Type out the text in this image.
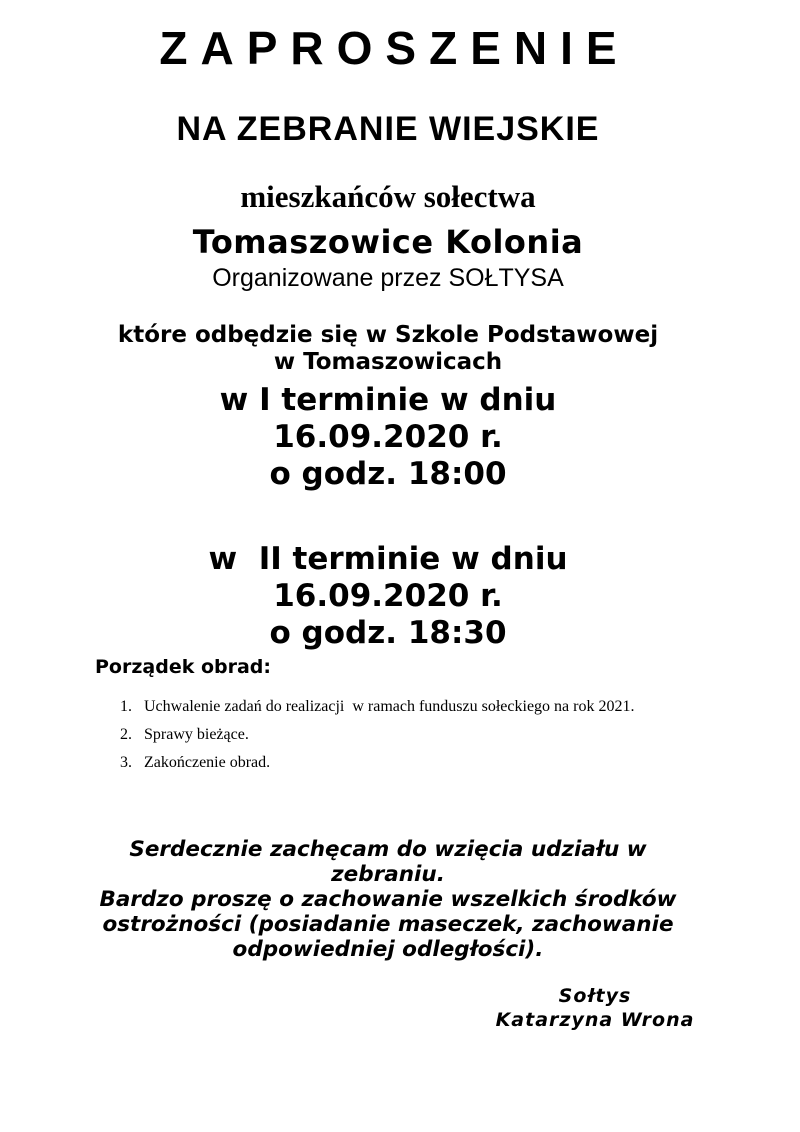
ZAPROSZENIE
NA ZEBRANIE WIEJSKIE
mieszkańców sołectwa
Tomaszowice Kolonia
Organizowane przez SOŁTYSA
które odbędzie się w Szkole Podstawowej
w Tomaszowicach
w I terminie w dniu
16.09.2020 r.
o godz. 18:00
w  II terminie w dniu
16.09.2020 r.
o godz. 18:30
Porządek obrad:
1. Uchwalenie zadań do realizacji  w ramach funduszu sołeckiego na rok 2021.
2. Sprawy bieżące.
3. Zakończenie obrad.
Serdecznie zachęcam do wzięcia udziału w
zebraniu.
Bardzo proszę o zachowanie wszelkich środków
ostrożności (posiadanie maseczek, zachowanie
odpowiedniej odległości).
Sołtys
Katarzyna Wrona
